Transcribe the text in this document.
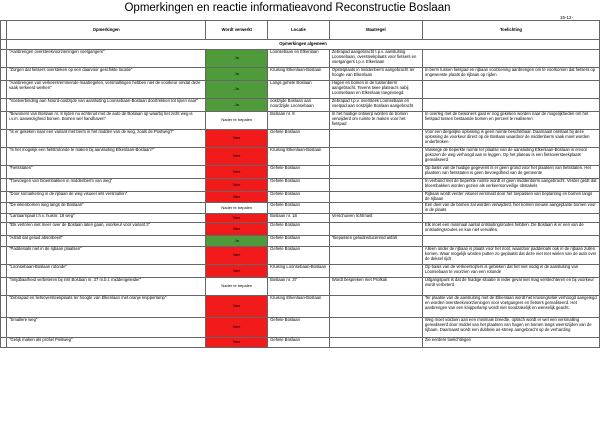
Opmerkingen en reactie informatieavond Reconstructie Boslaan
15-12-
	Opmerkingen	Wordt verwerkt	Locatie	Maatregel	Toelichting
	Opmerkingen algemeen				
	"Aanbrengen oversteekvoorzieningen voetgangers"	Ja	Loonsebaan en Elkenlaan	Zebrapad aangebracht t.p.v. aansluiting Loonsebaan, oversteekplaats voor fietsers en voetgangers t.p.v. Elkenlaan	
	"Zorgen dat fietsers oversteken op een daarvoor geschikte locatie"	Ja	Kruising Elkenlaan-Boslaan	Opstelplaats in middenberm aangebracht ter hoogte van Elkenlaan	In berm tussen fietspad en rijbaan voorziening aanbrengen om te voorkomen dat fietsers op ongewenste plaats de rijbaan op rijden
	"Aanbrengen van verkeersremmende maatregelen, versmallingen hebben niet de voorkeur omdat deze vaak verkeerd werken"	Ja	Langs gehele Boslaan	Hagen en bomen in de tussenberm aangebracht. Tevens twee plateau's nabij Loonsebaan en Elkenlaan toegevoegd.	
	"Voetverbinding aan Noord-oostzijde van aansluiting Loonsebaan-Boslaan doortrekken tot lijnen naar"	Ja	oostzijde Boslaan aan noordzijde Loonsebaan	Zebrapad t.p.v. oversteek Loonsebaan en voetpad aan oostzijde Boslaan aangebracht	
	"Bewoners van Boslaan nr. 8 rijden nu achteruit met de auto de Boslaan op waarbij het zicht weg is i.v.m. aanwezigheid bomen. Bomen wel handhaven"	Nader te bepalen	Boslaan nr. 8	In het huidige ontwerp worden de bomen verwijderd om ruimte te maken voor het fietspad	In overleg met de bewoners gaat er nog gekeken worden naar de mogelijkheden om het fietspad tussen bestaande bomen en perceel te realiseren
	"Is er gekeken naar een variant met berm in het midden van de weg, zoals de Postweg?"	Nee	Gehele Boslaan		Voor een dergelijke oplossing is geen ruimte beschikbaar. Daarnaast ontstaat bij deze oplossing de voorkeur direct op de Boslaan waardoor de middenberm vaak moet worden onderbroken
	"Is het mogelijk een fietstrotonde te maken bij aansluiting Elkenlaan-Boslaan?"	Nee	Kruising Elkenlaan-Boslaan		Vanwege de beperkte ruimte ter plaatse van de aansluiting Elkenlaan-Boslaan is ervoor gekozen de weg verhoogd aan te leggen. Op het plateau is een fietsoversteekplaats gerealiseerd
	"Fietsstaten"	Nee	Gehele Boslaan		Op basis van de huidige gegevens is er geen grond voor het plaatsen van fietsstaten. Het plaatsen van fietsstaten is geen bevoegdheid van de gemeente
	"Toevoegen van bloembakken in middenberm van weg"	Nee	Gehele Boslaan		In verband met de beperkte ruimte wordt er geen middenberm aangebracht. Verder geldt dat bloembakken worden gezien als verkeersonveilige obstakels
	"Door somarkering in de rijbaan de weg visueel iets versmallen"	Nee	Gehele Boslaan		Rijbaan wordt verder visueel versmald door het toepassen van beplanting en bomen langs de rijbaan
	"De eikenbomen weg langs de Boslaan"	Nader te bepalen	Gehele Boslaan		Een deel van de bomen zal worden verwijderd, hier komen nieuwe aangeplante bomen voor in de plaats
	"Lantaarnpaal t.h.v. huisnr. 18 weg"	Nee	Boslaan nr. 18	Verschuiven lichtmast	
	"Elk verloren niet meer over de Boslaan laten gaan, voorkeur voor variant 2"	Nee	Gehele Boslaan		Elk moet een minimaal aantal ontsluitingsroutes hebben. De Boslaan is er een van de ontsluitingsroutes en kan niet vervallen.
	"Asfalt dat geluid absorbeert"	Ja	Gehele Boslaan	Toepassen geluidreducerend asfalt	
	"Paddeloals niet in de rijbaan plaatsen"	Nee	Gehele Boslaan		Alleen onder de rijbaan is plaats voor het riool, waardoor paddeloals ook in de rijbaan zullen komen. Waar mogelijk worden putten zo geplaatst dat deze niet met wielen van de auto over de deksel rijdt
	"Loonsebaan-Boslaan rotonde"	Nee	Kruising Loonsebaan-Boslaan		Op basis van de verkeerscijfers is gebleken dat het niet nodig is de aansluiting van Loonsebaan te voorzien van een rotonde
	"Inrijdbaarheid verbeteren bij inrit Boslaan nr. 37 m.b.t. middengeleider"	Nader te bepalen	Boslaan nr. 37	Wordt bespreken met Profkali	Uitgangspunt is dat de huidige situatie in ieder geval niet mag verslechteren en bij voorkeur wordt verbeterd.
	"Zebrapad en fietsoversteekplaats ter hoogte van Elkenlaan met oranje knipperlamp"	Nee	Kruising Elkenlaan-Boslaan		Ter plaatse van de aansluiting met de Elkenlaan wordt het kruisingsvlak verhoogd aangelegd en worden oversteekvoorzieningen voor voetgangers en fietsers gerealiseerd. Het aanbrengen van een knipperlamp wordt niet noodzakelijk en wenselijk geacht.
	"Smallere weg"	Nee	Gehele Boslaan		Weg moet voldoen aan een minimale breedte, optisch wordt er wel een versmalling gerealiseerd door middel van het plaatsen van hagen en bomen langs weerszijden van de rijbaan. Daarnaast wordt een dubbele as-streep aangebracht op de verharding
	"Gelijk maken als profiel Postweg"	Nee	Gehele Boslaan		Zie eerdere toelichtingen
